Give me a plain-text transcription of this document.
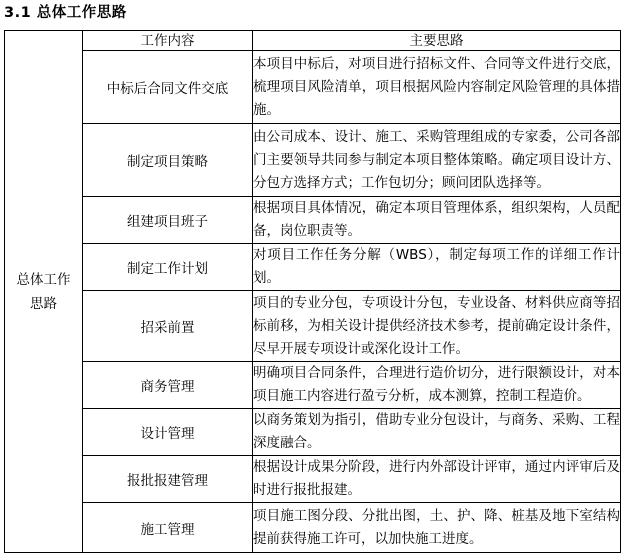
3.1 总体工作思路
总体工作
思路	工作内容	主要思路
	中标后合同文件交底	本项目中标后，对项目进行招标文件、合同等文件进行交底，梳理项目风险清单，项目根据风险内容制定风险管理的具体措施。
	制定项目策略	由公司成本、设计、施工、采购管理组成的专家委，公司各部门主要领导共同参与制定本项目整体策略。确定项目设计方、分包方选择方式；工作包切分；顾问团队选择等。
	组建项目班子	根据项目具体情况，确定本项目管理体系，组织架构，人员配备，岗位职责等。
	制定工作计划	对项目工作任务分解（WBS），制定每项工作的详细工作计划。
	招采前置	项目的专业分包，专项设计分包，专业设备、材料供应商等招标前移，为相关设计提供经济技术参考，提前确定设计条件，尽早开展专项设计或深化设计工作。
	商务管理	明确项目合同条件，合理进行造价切分，进行限额设计，对本项目施工内容进行盈亏分析，成本测算，控制工程造价。
	设计管理	以商务策划为指引，借助专业分包设计，与商务、采购、工程深度融合。
	报批报建管理	根据设计成果分阶段，进行内外部设计评审，通过内评审后及时进行报批报建。
	施工管理	项目施工图分段、分批出图，土、护、降、桩基及地下室结构提前获得施工许可，以加快施工进度。
